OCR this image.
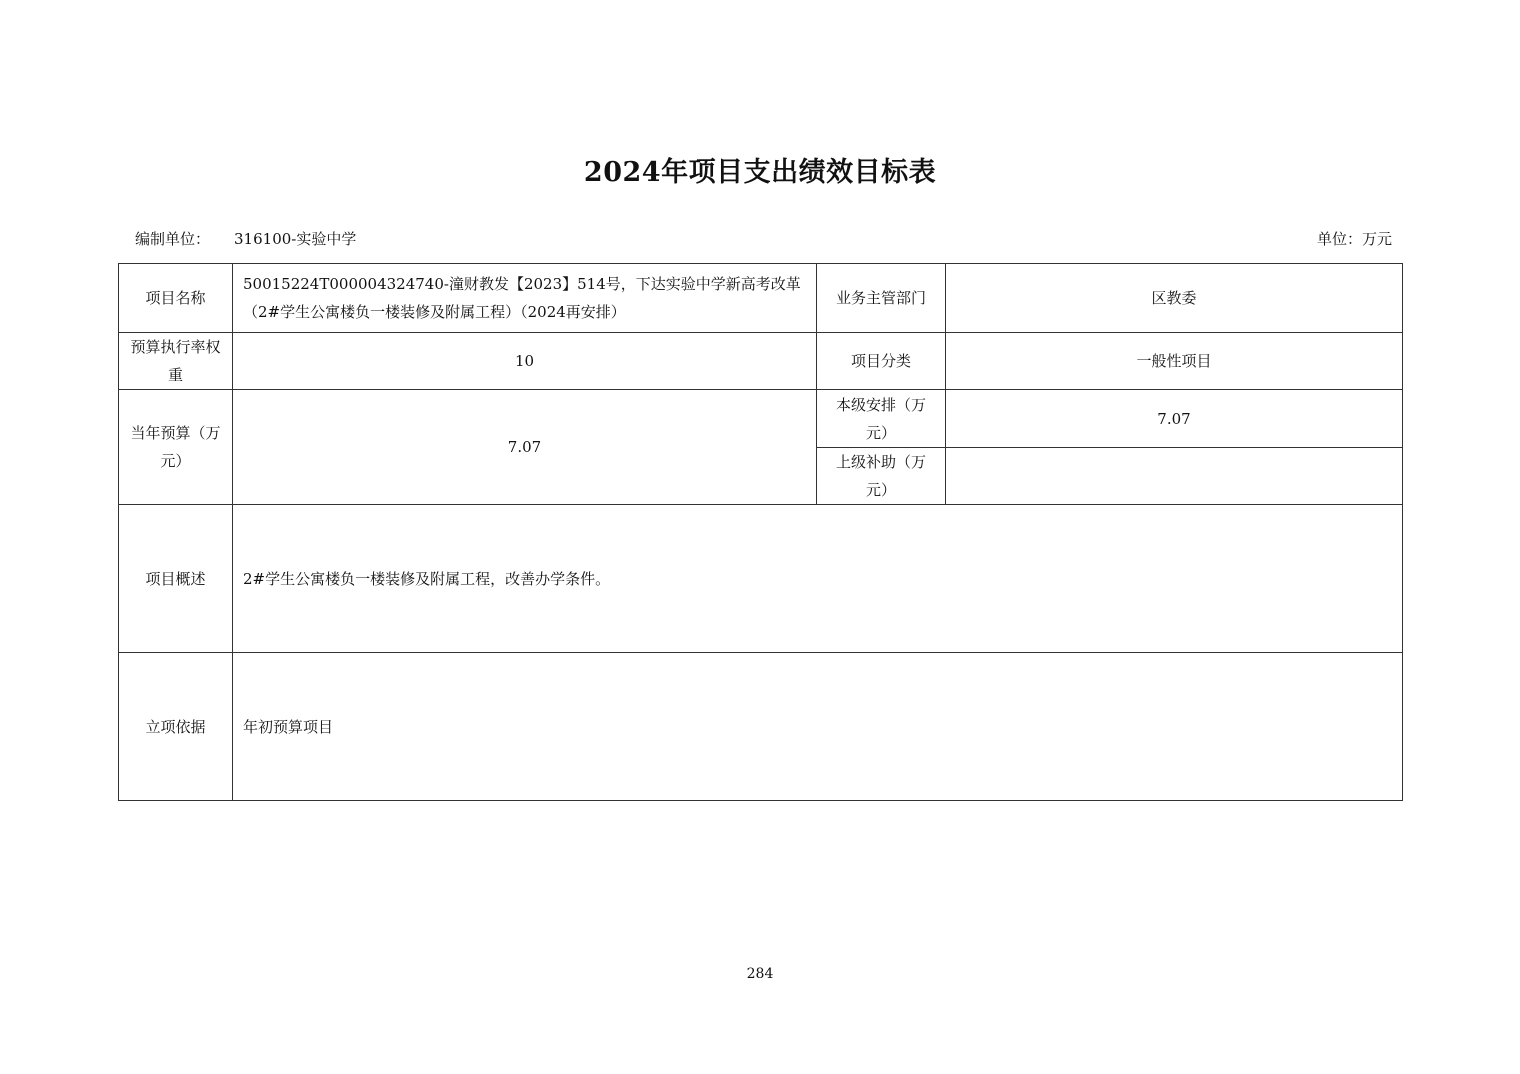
2024年项目支出绩效目标表
编制单位： 316100-实验中学	单位：万元
项目名称	50015224T000004324740-潼财教发【2023】514号，下达实验中学新高考改革（2#学生公寓楼负一楼装修及附属工程）（2024再安排）	业务主管部门	区教委
预算执行率权重	10	项目分类	一般性项目
当年预算（万元）	7.07	本级安排（万元）	7.07
		上级补助（万元）	
项目概述	2#学生公寓楼负一楼装修及附属工程，改善办学条件。		
立项依据	年初预算项目		
284
